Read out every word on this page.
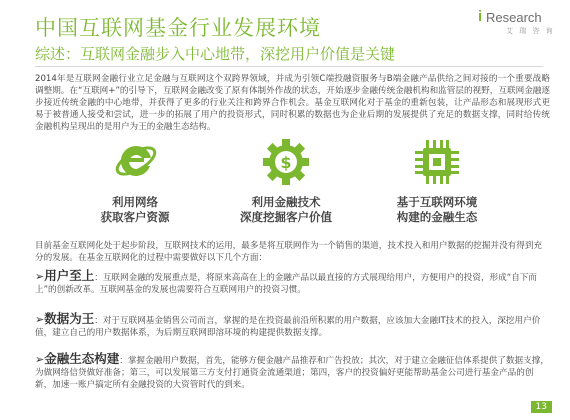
中国互联网基金行业发展环境
综述：互联网金融步入中心地带，深挖用户价值是关键
i Research
艾 瑞 咨 询
2014年是互联网金融行业立足金融与互联网这个双跨界领域，并成为引领C端投融资服务与B端金融产品供给之间对接的一个重要战略调整期。在“互联网+”的引导下，互联网金融改变了原有体制外作战的状态，开始逐步金融传统金融机构和监管层的视野，互联网金融逐步接近传统金融的中心地带，并获得了更多的行业关注和跨界合作机会。基金互联网化对于基金的重新包装，让产品形态和展现形式更易于被普通人接受和尝试，进一步的拓展了用户的投资形式，同时积累的数据也为企业后期的发展提供了充足的数据支撑，同时给传统金融机构呈现出的是用户为王的金融生态结构。
$
利用网络
获取客户资源
利用金融技术
深度挖掘客户价值
基于互联网环境
构建的金融生态
目前基金互联网化处于起步阶段，互联网技术的运用，最多是将互联网作为一个销售的渠道，技术投入和用户数据的挖掘并没有得到充分的发展。在基金互联网化的过程中需要做好以下几个方面：
➢用户至上：互联网金融的发展重点是，将原来高高在上的金融产品以最直接的方式展现给用户，方便用户的投资，形成“自下而上”的创新改革。互联网基金的发展也需要符合互联网用户的投资习惯。
➢数据为王：对于互联网基金销售公司而言，掌握的是在投资最前沿所积累的用户数据，应该加大金融IT技术的投入，深挖用户价值，建立自己的用户数据体系，为后期互联网即溶环境的构建提供数据支撑。
➢金融生态构建：掌握金融用户数据，首先，能够方便金融产品推荐和广告投放；其次，对于建立金融征信体系提供了数据支撑，为做网络信贷做好准备；第三，可以发展第三方支付打通资金流通渠道；第四，客户的投资偏好更能帮助基金公司进行基金产品的创新，加速一账户搞定所有金融投资的大资管时代的到来。
13
